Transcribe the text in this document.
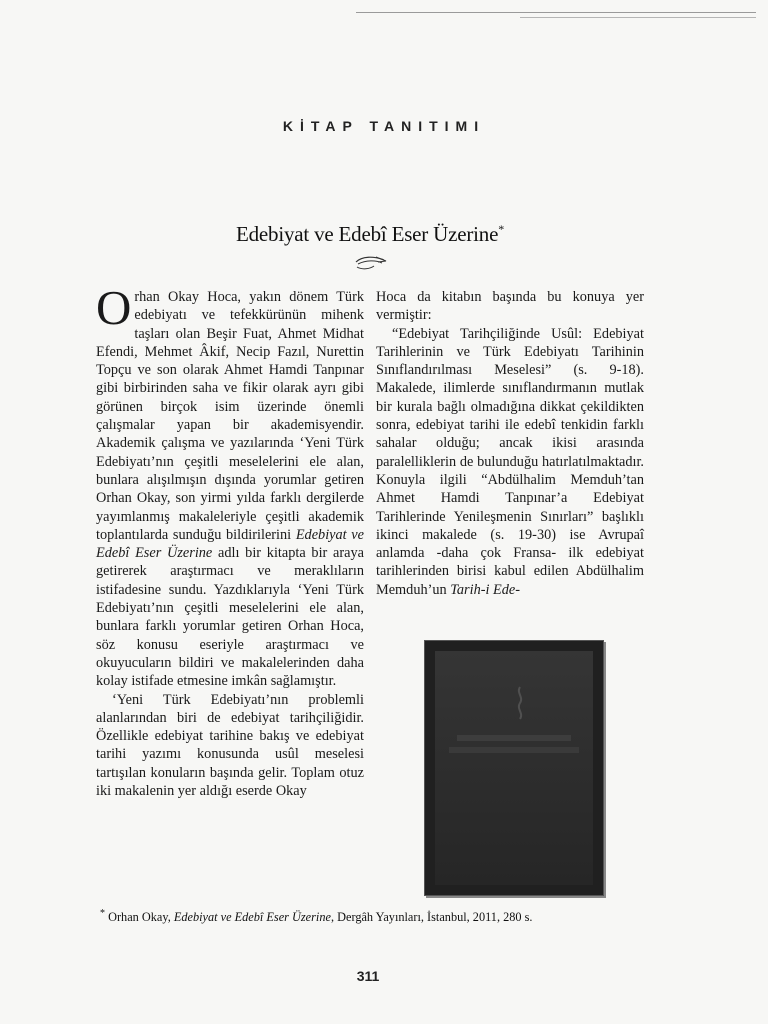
KİTAP TANITIMI
Edebiyat ve Edebî Eser Üzerine*

Orhan Okay Hoca, yakın dönem Türk edebiyatı ve tefekkürünün mihenk taşları olan Beşir Fuat, Ahmet Midhat Efendi, Mehmet Âkif, Necip Fazıl, Nurettin Topçu ve son olarak Ahmet Hamdi Tanpınar gibi birbirinden saha ve fikir olarak ayrı gibi görünen birçok isim üzerinde önemli çalışmalar yapan bir akademisyendir. Akademik çalışma ve yazılarında ‘Yeni Türk Edebiyatı’nın çeşitli meselelerini ele alan, bunlara alışılmışın dışında yorumlar getiren Orhan Okay, son yirmi yılda farklı dergilerde yayımlanmış makaleleriyle çeşitli akademik toplantılarda sunduğu bildirilerini Edebiyat ve Edebî Eser Üzerine adlı bir kitapta bir araya getirerek araştırmacı ve meraklıların istifadesine sundu. Yazdıklarıyla ‘Yeni Türk Edebiyatı’nın çeşitli meselelerini ele alan, bunlara farklı yorumlar getiren Orhan Hoca, söz konusu eseriyle araştırmacı ve okuyucuların bildiri ve makalelerinden daha kolay istifade etmesine imkân sağlamıştır.

‘Yeni Türk Edebiyatı’nın problemli alanlarından biri de edebiyat tarihçiliğidir. Özellikle edebiyat tarihine bakış ve edebiyat tarihi yazımı konusunda usûl meselesi tartışılan konuların başında gelir. Toplam otuz iki makalenin yer aldığı eserde Okay

Hoca da kitabın başında bu konuya yer vermiştir:

“Edebiyat Tarihçiliğinde Usûl: Edebiyat Tarihlerinin ve Türk Edebiyatı Tarihinin Sınıflandırılması Meselesi” (s. 9-18). Makalede, ilimlerde sınıflandırmanın mutlak bir kurala bağlı olmadığına dikkat çekildikten sonra, edebiyat tarihi ile edebî tenkidin farklı sahalar olduğu; ancak ikisi arasında paralelliklerin de bulunduğu hatırlatılmaktadır. Konuyla ilgili “Abdülhalim Memduh’tan Ahmet Hamdi Tanpınar’a Edebiyat Tarihlerinde Yenileşmenin Sınırları” başlıklı ikinci makalede (s. 19-30) ise Avrupaî anlamda -daha çok Fransa- ilk edebiyat tarihlerinden birisi kabul edilen Abdülhalim Memduh’un Tarih-i Ede-

* Orhan Okay, Edebiyat ve Edebî Eser Üzerine, Dergâh Yayınları, İstanbul, 2011, 280 s.
311
